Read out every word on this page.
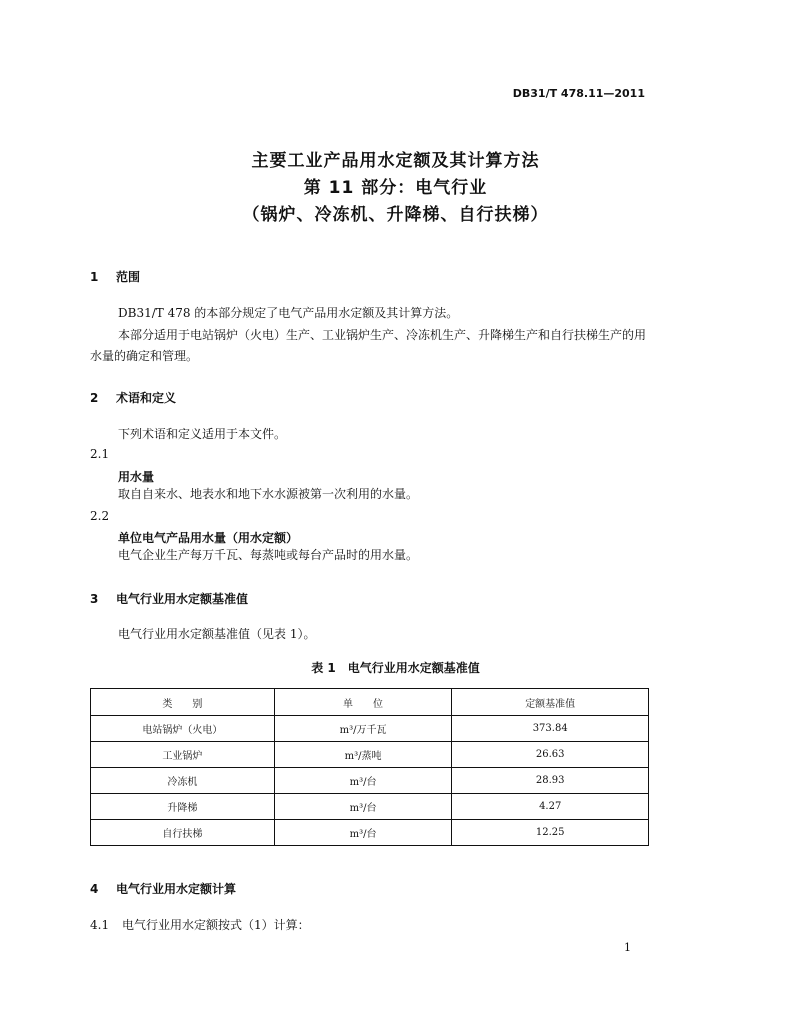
DB31/T 478.11—2011
主要工业产品用水定额及其计算方法
第 11 部分：电气行业
（锅炉、冷冻机、升降梯、自行扶梯）
1 范围
DB31/T 478 的本部分规定了电气产品用水定额及其计算方法。
本部分适用于电站锅炉（火电）生产、工业锅炉生产、冷冻机生产、升降梯生产和自行扶梯生产的用
水量的确定和管理。
2 术语和定义
下列术语和定义适用于本文件。
2.1
用水量
取自自来水、地表水和地下水水源被第一次利用的水量。
2.2
单位电气产品用水量（用水定额）
电气企业生产每万千瓦、每蒸吨或每台产品时的用水量。
3 电气行业用水定额基准值
电气行业用水定额基准值（见表 1）。
表 1　电气行业用水定额基准值
类　　别	单　　位	定额基准值
电站锅炉（火电）	m³/万千瓦	373.84
工业锅炉	m³/蒸吨	26.63
冷冻机	m³/台	28.93
升降梯	m³/台	4.27
自行扶梯	m³/台	12.25
4 电气行业用水定额计算
4.1 电气行业用水定额按式（1）计算：
1
